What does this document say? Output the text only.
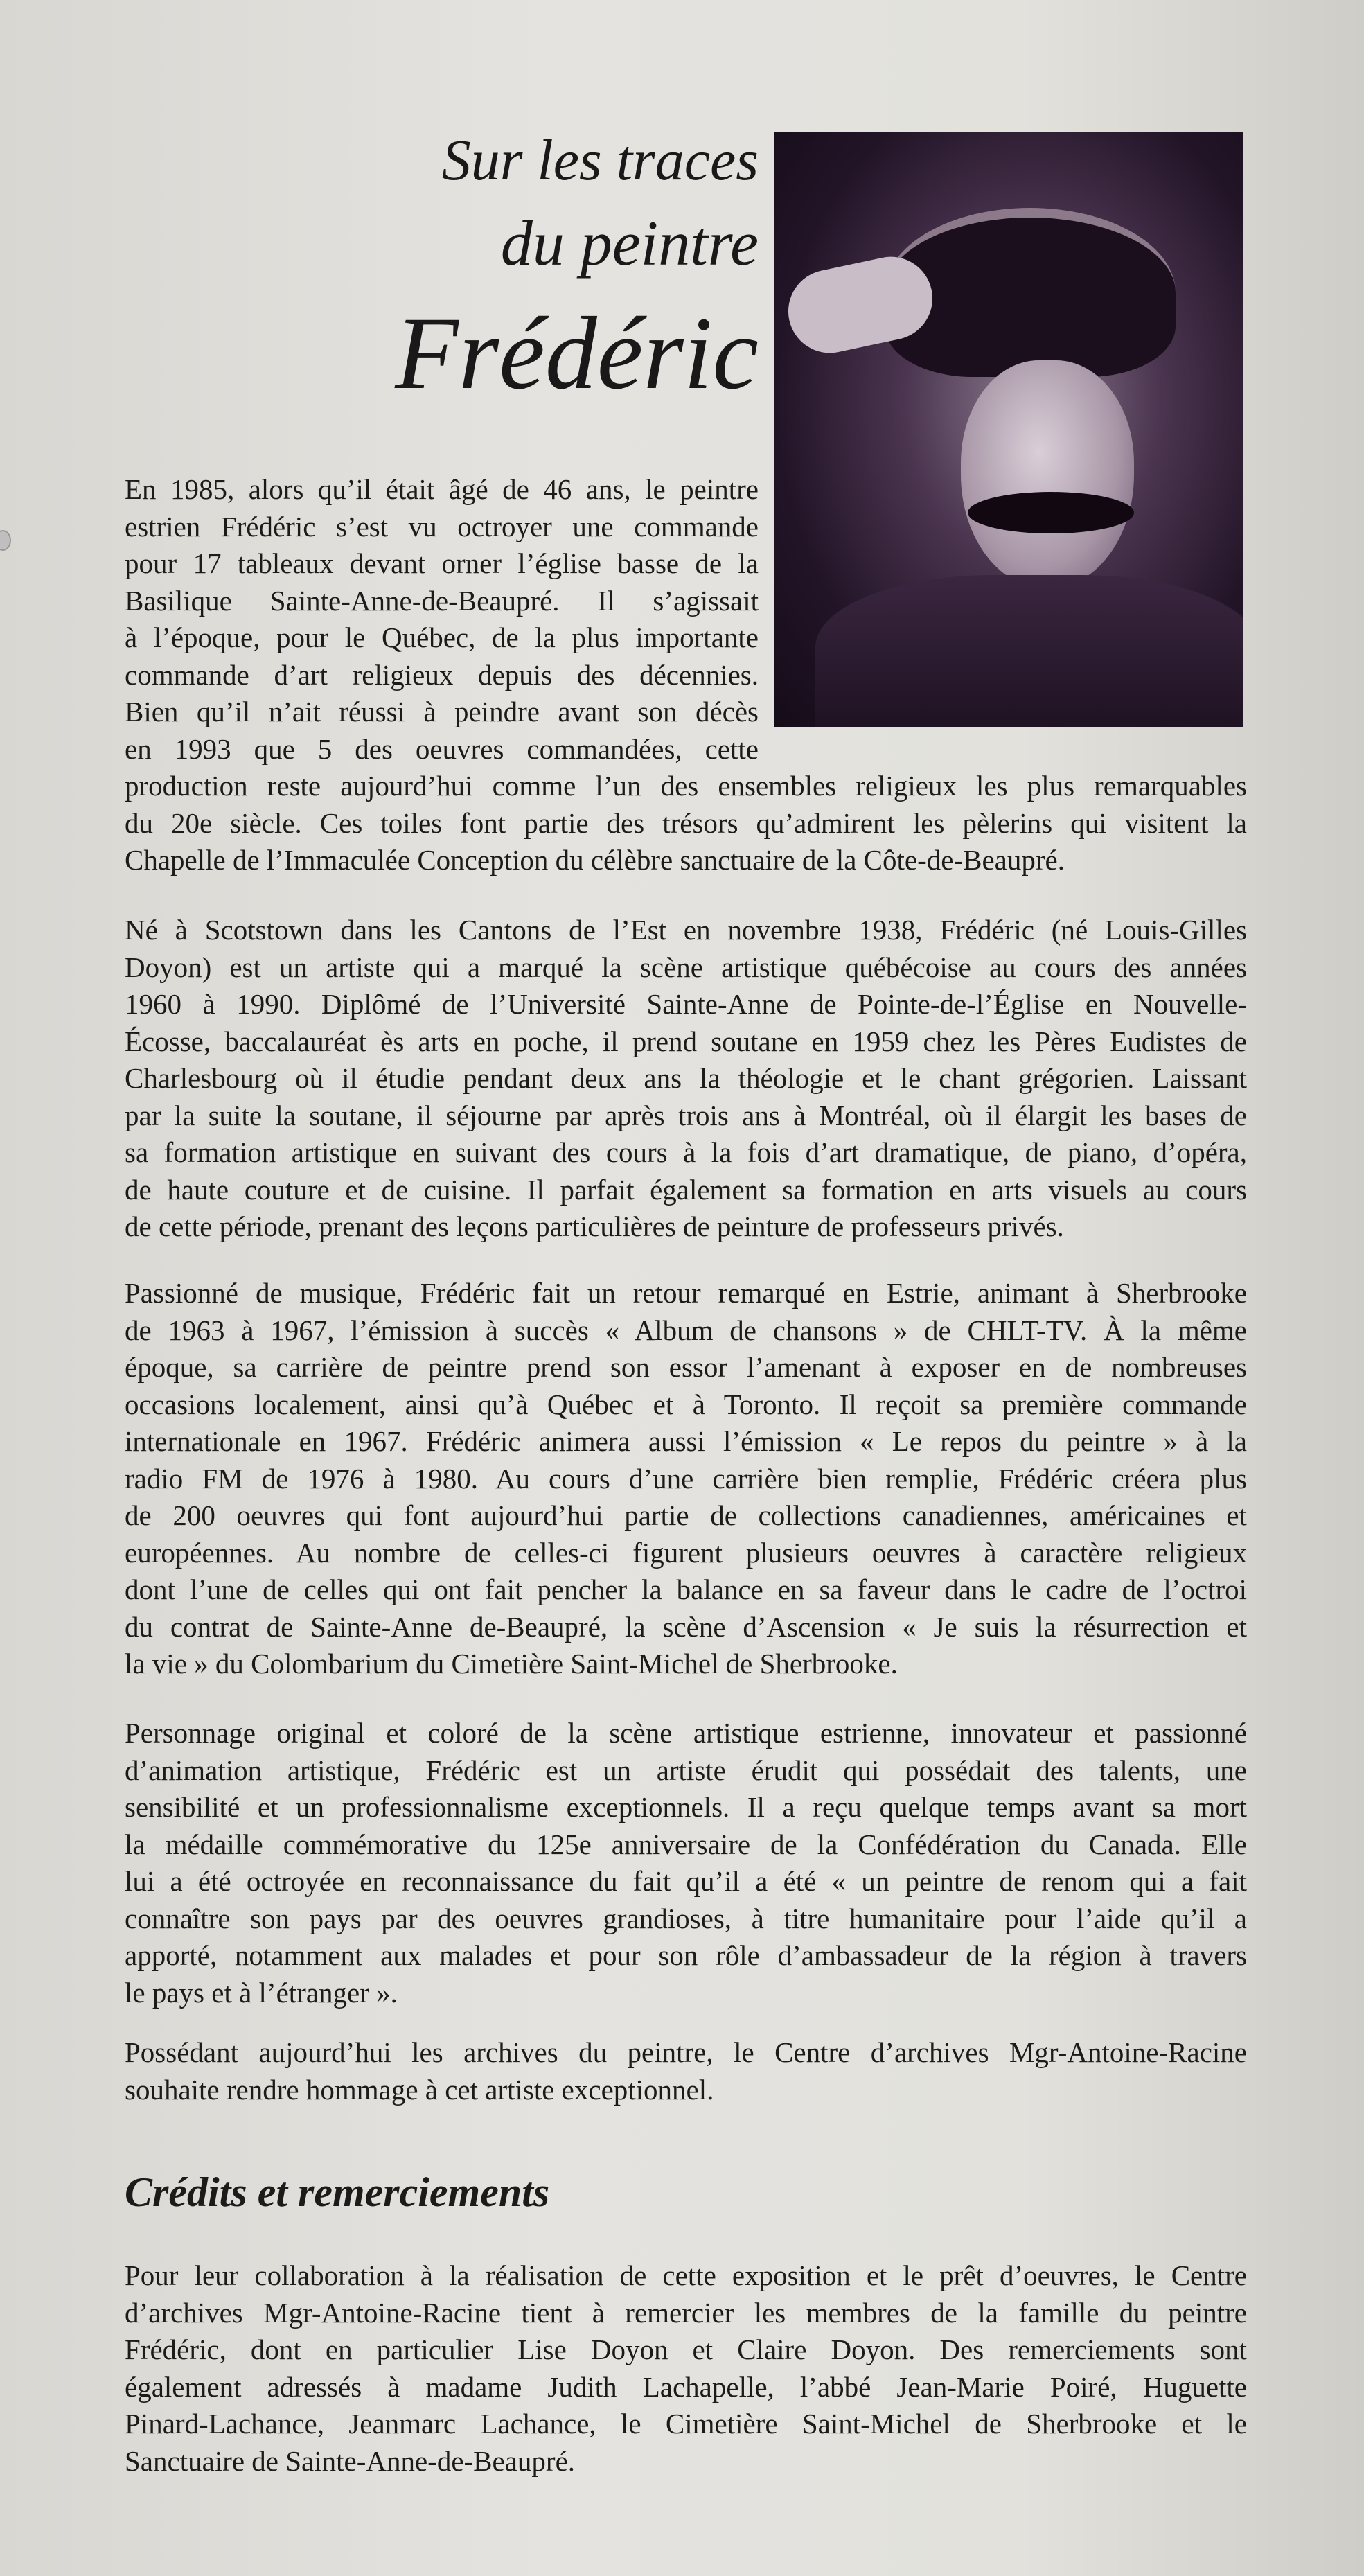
Sur les traces
du peintre
Frédéric
En 1985, alors qu’il était âgé de 46 ans, le peintre
estrien Frédéric s’est vu octroyer une commande
pour 17 tableaux devant orner l’église basse de la
Basilique Sainte-Anne-de-Beaupré. Il s’agissait
à l’époque, pour le Québec, de la plus importante
commande d’art religieux depuis des décennies.
Bien qu’il n’ait réussi à peindre avant son décès
en 1993 que 5 des oeuvres commandées, cette
production reste aujourd’hui comme l’un des ensembles religieux les plus remarquables
du 20e siècle. Ces toiles font partie des trésors qu’admirent les pèlerins qui visitent la
Chapelle de l’Immaculée Conception du célèbre sanctuaire de la Côte-de-Beaupré.
Né à Scotstown dans les Cantons de l’Est en novembre 1938, Frédéric (né Louis-Gilles
Doyon) est un artiste qui a marqué la scène artistique québécoise au cours des années
1960 à 1990. Diplômé de l’Université Sainte-Anne de Pointe-de-l’Église en Nouvelle-
Écosse, baccalauréat ès arts en poche, il prend soutane en 1959 chez les Pères Eudistes de
Charlesbourg où il étudie pendant deux ans la théologie et le chant grégorien. Laissant
par la suite la soutane, il séjourne par après trois ans à Montréal, où il élargit les bases de
sa formation artistique en suivant des cours à la fois d’art dramatique, de piano, d’opéra,
de haute couture et de cuisine. Il parfait également sa formation en arts visuels au cours
de cette période, prenant des leçons particulières de peinture de professeurs privés.
Passionné de musique, Frédéric fait un retour remarqué en Estrie, animant à Sherbrooke
de 1963 à 1967, l’émission à succès « Album de chansons » de CHLT-TV. À la même
époque, sa carrière de peintre prend son essor l’amenant à exposer en de nombreuses
occasions localement, ainsi qu’à Québec et à Toronto. Il reçoit sa première commande
internationale en 1967. Frédéric animera aussi l’émission « Le repos du peintre » à la
radio FM de 1976 à 1980. Au cours d’une carrière bien remplie, Frédéric créera plus
de 200 oeuvres qui font aujourd’hui partie de collections canadiennes, américaines et
européennes. Au nombre de celles-ci figurent plusieurs oeuvres à caractère religieux
dont l’une de celles qui ont fait pencher la balance en sa faveur dans le cadre de l’octroi
du contrat de Sainte-Anne de-Beaupré, la scène d’Ascension « Je suis la résurrection et
la vie » du Colombarium du Cimetière Saint-Michel de Sherbrooke.
Personnage original et coloré de la scène artistique estrienne, innovateur et passionné
d’animation artistique, Frédéric est un artiste érudit qui possédait des talents, une
sensibilité et un professionnalisme exceptionnels. Il a reçu quelque temps avant sa mort
la médaille commémorative du 125e anniversaire de la Confédération du Canada. Elle
lui a été octroyée en reconnaissance du fait qu’il a été « un peintre de renom qui a fait
connaître son pays par des oeuvres grandioses, à titre humanitaire pour l’aide qu’il a
apporté, notamment aux malades et pour son rôle d’ambassadeur de la région à travers
le pays et à l’étranger ».
Possédant aujourd’hui les archives du peintre, le Centre d’archives Mgr-Antoine-Racine
souhaite rendre hommage à cet artiste exceptionnel.
Crédits et remerciements
Pour leur collaboration à la réalisation de cette exposition et le prêt d’oeuvres, le Centre
d’archives Mgr-Antoine-Racine tient à remercier les membres de la famille du peintre
Frédéric, dont en particulier Lise Doyon et Claire Doyon. Des remerciements sont
également adressés à madame Judith Lachapelle, l’abbé Jean-Marie Poiré, Huguette
Pinard-Lachance, Jeanmarc Lachance, le Cimetière Saint-Michel de Sherbrooke et le
Sanctuaire de Sainte-Anne-de-Beaupré.
